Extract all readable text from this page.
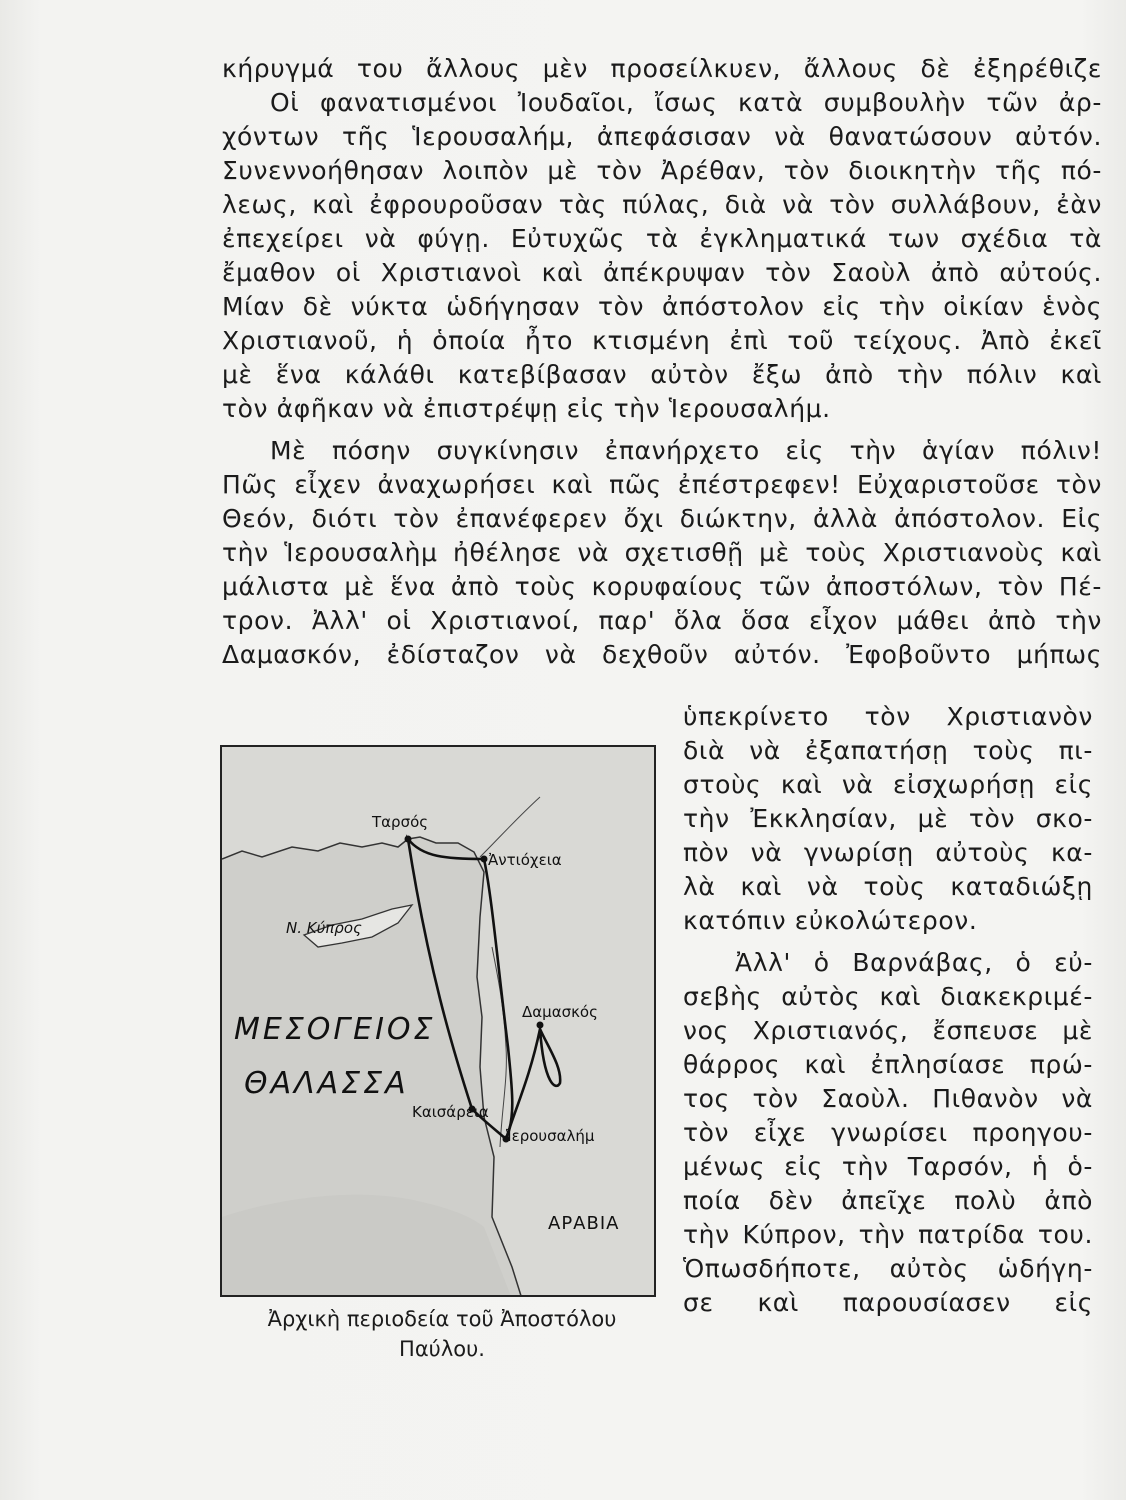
κήρυγμά του ἄλλους μὲν προσείλκυεν, ἄλλους δὲ ἐξηρέθιζε
Οἱ φανατισμένοι Ἰουδαῖοι, ἴσως κατὰ συμβουλὴν τῶν ἀρ-
χόντων τῆς Ἱερουσαλήμ, ἀπεφάσισαν νὰ θανατώσουν αὐτόν.
Συνεννοήθησαν λοιπὸν μὲ τὸν Ἀρέθαν, τὸν διοικητὴν τῆς πό-
λεως, καὶ ἐφρουροῦσαν τὰς πύλας, διὰ νὰ τὸν συλλάβουν, ἐὰν
ἐπεχείρει νὰ φύγῃ. Εὐτυχῶς τὰ ἐγκληματικά των σχέδια τὰ
ἔμαθον οἱ Χριστιανοὶ καὶ ἀπέκρυψαν τὸν Σαοὺλ ἀπὸ αὐτούς.
Μίαν δὲ νύκτα ὡδήγησαν τὸν ἀπόστολον εἰς τὴν οἰκίαν ἑνὸς
Χριστιανοῦ, ἡ ὁποία ἦτο κτισμένη ἐπὶ τοῦ τείχους. Ἀπὸ ἐκεῖ
μὲ ἕνα κάλάθι κατεβίβασαν αὐτὸν ἔξω ἀπὸ τὴν πόλιν καὶ
τὸν ἀφῆκαν νὰ ἐπιστρέψῃ εἰς τὴν Ἱερουσαλήμ.
Μὲ πόσην συγκίνησιν ἐπανήρχετο εἰς τὴν ἁγίαν πόλιν!
Πῶς εἶχεν ἀναχωρήσει καὶ πῶς ἐπέστρεφεν! Εὐχαριστοῦσε τὸν
Θεόν, διότι τὸν ἐπανέφερεν ὄχι διώκτην, ἀλλὰ ἀπόστολον. Εἰς
τὴν Ἱερουσαλὴμ ἠθέλησε νὰ σχετισθῇ μὲ τοὺς Χριστιανοὺς καὶ
μάλιστα μὲ ἕνα ἀπὸ τοὺς κορυφαίους τῶν ἀποστόλων, τὸν Πέ-
τρον. Ἀλλ' οἱ Χριστιανοί, παρ' ὅλα ὅσα εἶχον μάθει ἀπὸ τὴν
Δαμασκόν, ἐδίσταζον νὰ δεχθοῦν αὐτόν. Ἐφοβοῦντο μήπως
ὑπεκρίνετο τὸν Χριστιανὸν
διὰ νὰ ἐξαπατήσῃ τοὺς πι-
στοὺς καὶ νὰ εἰσχωρήσῃ εἰς
τὴν Ἐκκλησίαν, μὲ τὸν σκο-
πὸν νὰ γνωρίσῃ αὐτοὺς κα-
λὰ καὶ νὰ τοὺς καταδιώξῃ
κατόπιν εὐκολώτερον.
Ἀλλ' ὁ Βαρνάβας, ὁ εὐ-
σεβὴς αὐτὸς καὶ διακεκριμέ-
νος Χριστιανός, ἔσπευσε μὲ
θάρρος καὶ ἐπλησίασε πρώ-
τος τὸν Σαοὺλ. Πιθανὸν νὰ
τὸν εἶχε γνωρίσει προηγου-
μένως εἰς τὴν Ταρσόν, ἡ ὁ-
ποία δὲν ἀπεῖχε πολὺ ἀπὸ
τὴν Κύπρον, τὴν πατρίδα του.
Ὁπωσδήποτε, αὐτὸς ὡδήγη-
σε καὶ παρουσίασεν εἰς
Ταρσός
Ἀντιόχεια
Ν. Κύπρος
ΜΕΣΟΓΕΙΟΣ
ΘΑΛΑΣΣΑ
Δαμασκός
Καισάρεια
Ἱερουσαλήμ
ΑΡΑΒΙΑ
Ἀρχικὴ περιοδεία τοῦ Ἀποστόλου
Παύλου.
